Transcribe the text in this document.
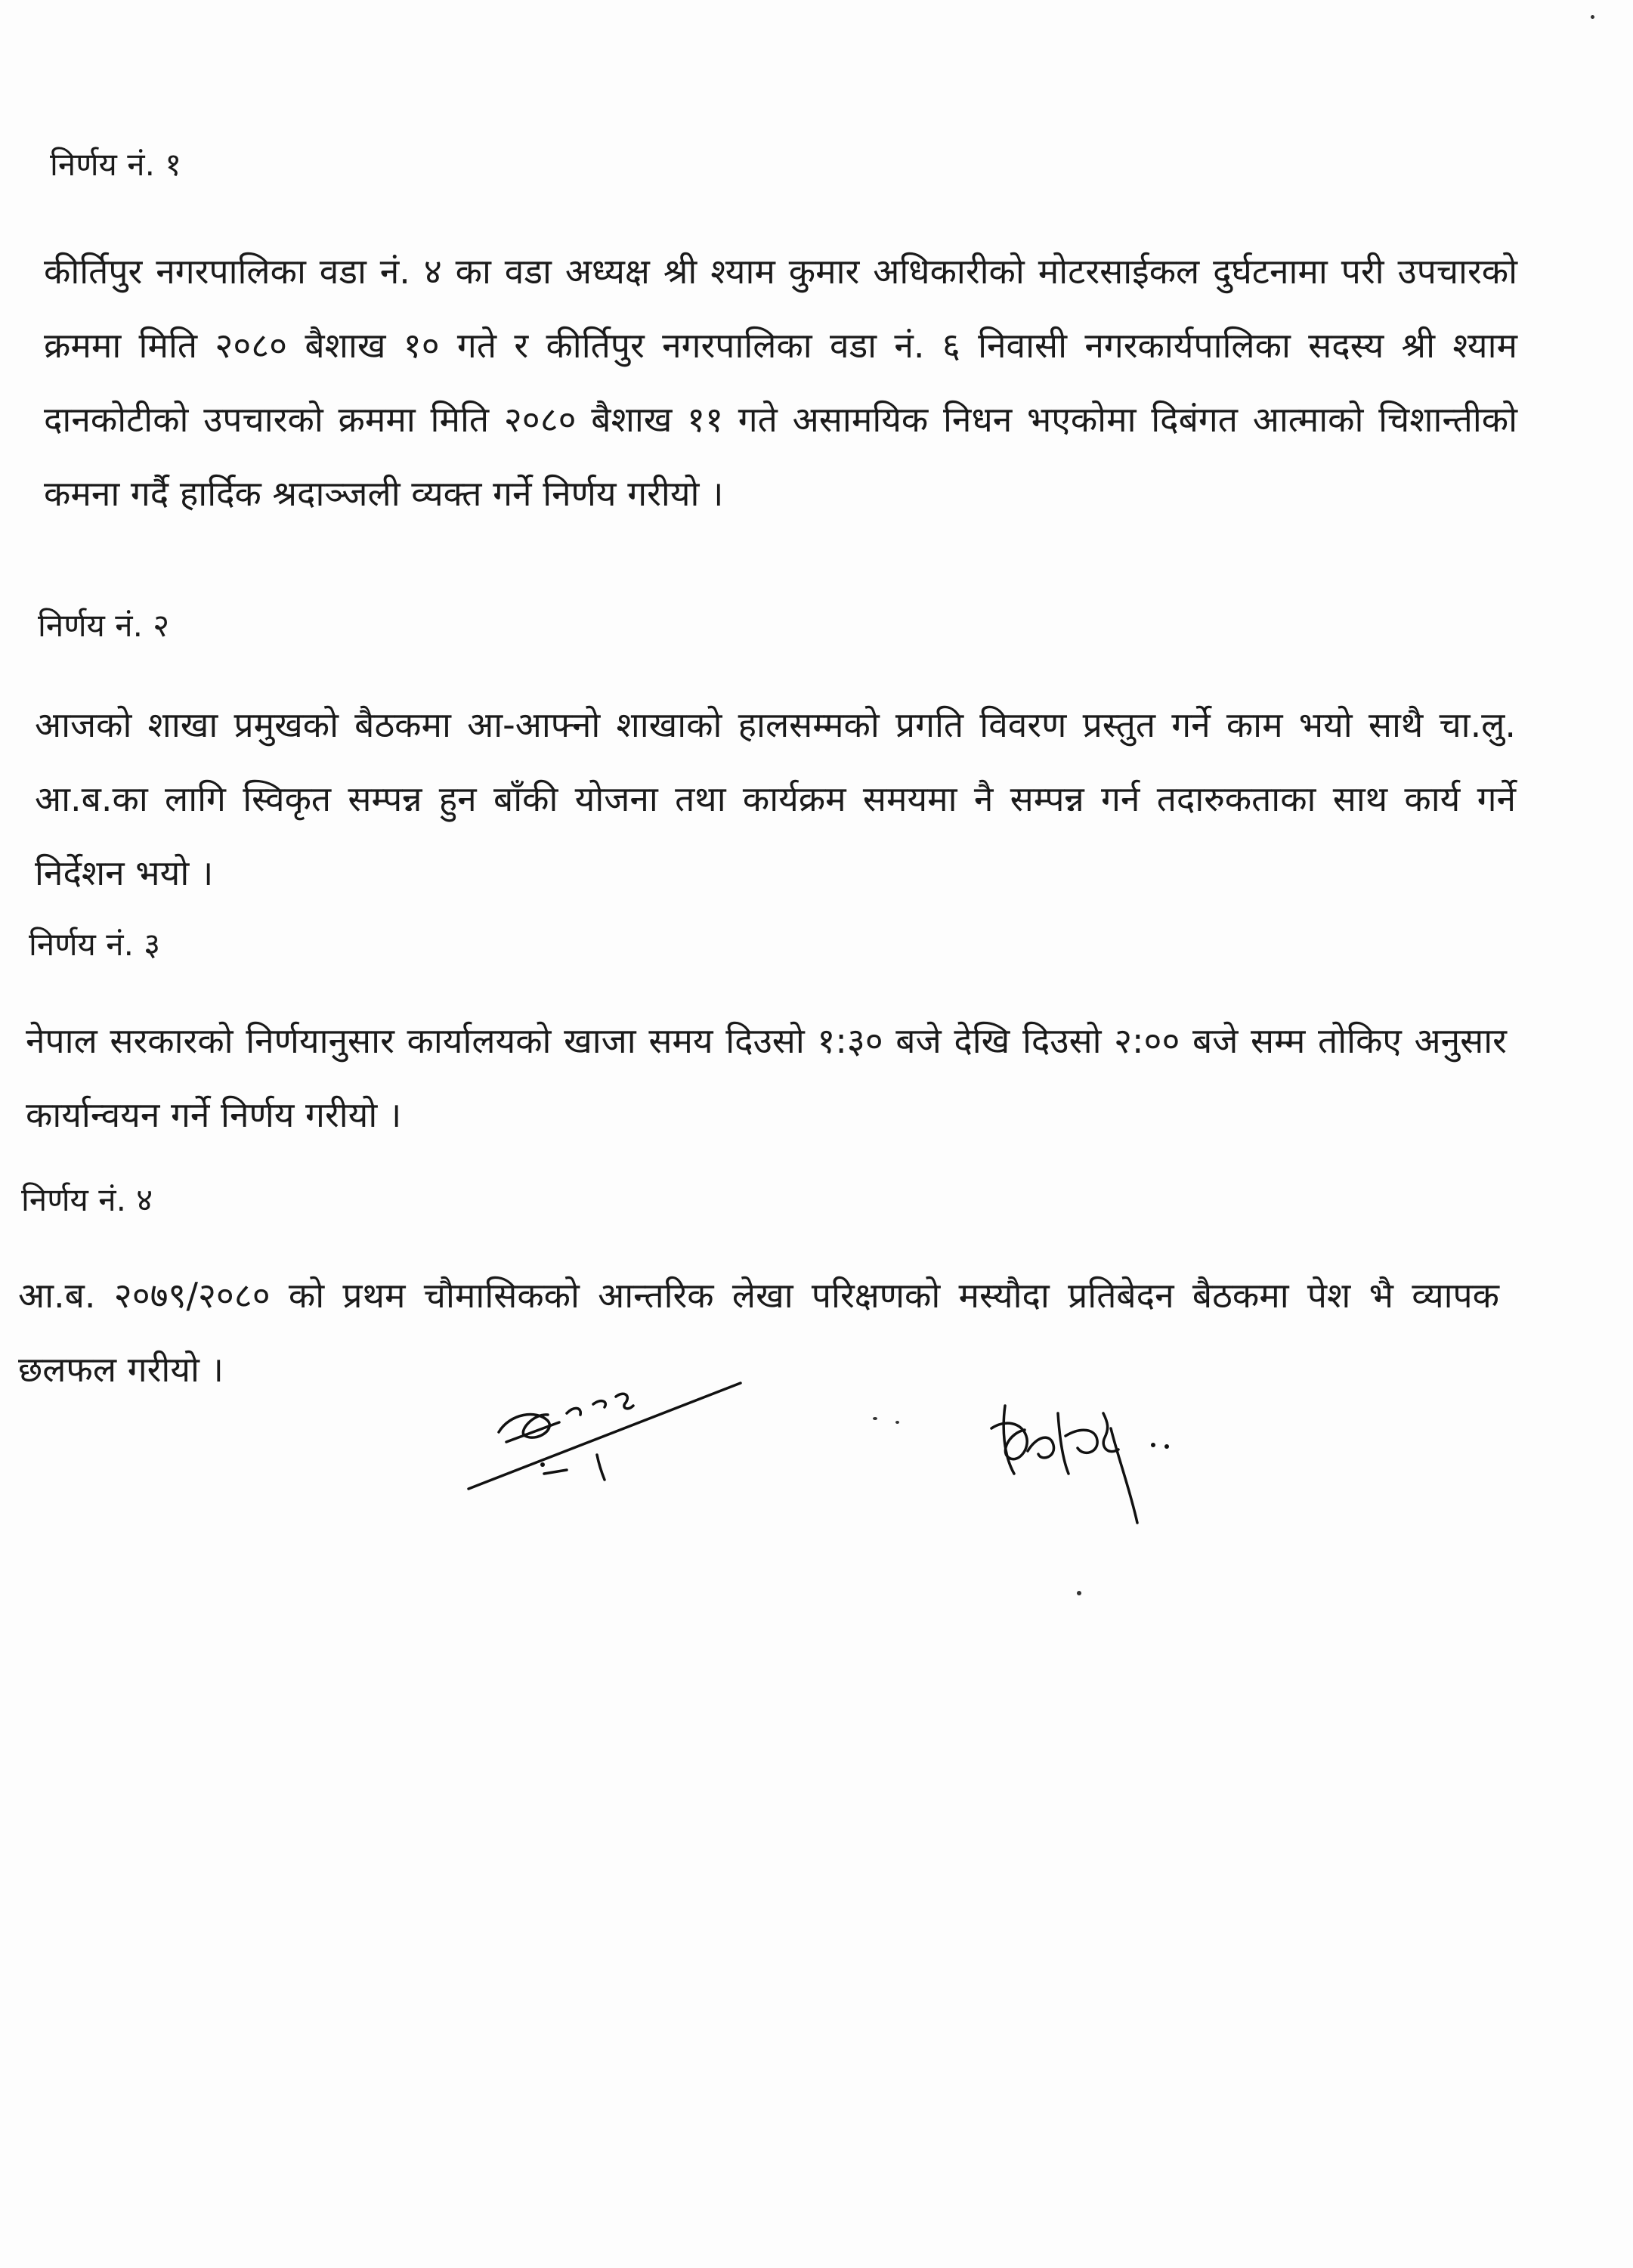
निर्णय नं. १
कीर्तिपुर नगरपालिका वडा नं. ४ का वडा अध्यक्ष श्री श्याम कुमार अधिकारीको मोटरसाईकल दुर्घटनामा परी उपचारको क्रममा मिति २०८० बैशाख १० गते र कीर्तिपुर नगरपालिका वडा नं. ६ निवासी नगरकार्यपालिका सदस्य श्री श्याम दानकोटीको उपचारको क्रममा मिति २०८० बैशाख ११ गते असामयिक निधन भएकोमा दिबंगत आत्माको चिशान्तीको कमना गर्दै हार्दिक श्रदाञ्जली व्यक्त गर्ने निर्णय गरीयो ।
निर्णय नं. २
आजको शाखा प्रमुखको बैठकमा आ-आफ्नो शाखाको हालसम्मको प्रगति विवरण प्रस्तुत गर्ने काम भयो साथै चा.लु. आ.ब.का लागि स्विकृत सम्पन्न हुन बाँकी योजना तथा कार्यक्रम समयमा नै सम्पन्न गर्न तदारुकताका साथ कार्य गर्ने निर्देशन भयो ।
निर्णय नं. ३
नेपाल सरकारको निर्णयानुसार कार्यालयको खाजा समय दिउसो १:३० बजे देखि दिउसो २:०० बजे सम्म तोकिए अनुसार कार्यान्वयन गर्ने निर्णय गरीयो ।
निर्णय नं. ४
आ.ब. २०७९/२०८० को प्रथम चौमासिकको आन्तरिक लेखा परिक्षणको मस्यौदा प्रतिबेदन बैठकमा पेश भै व्यापक छलफल गरीयो ।
